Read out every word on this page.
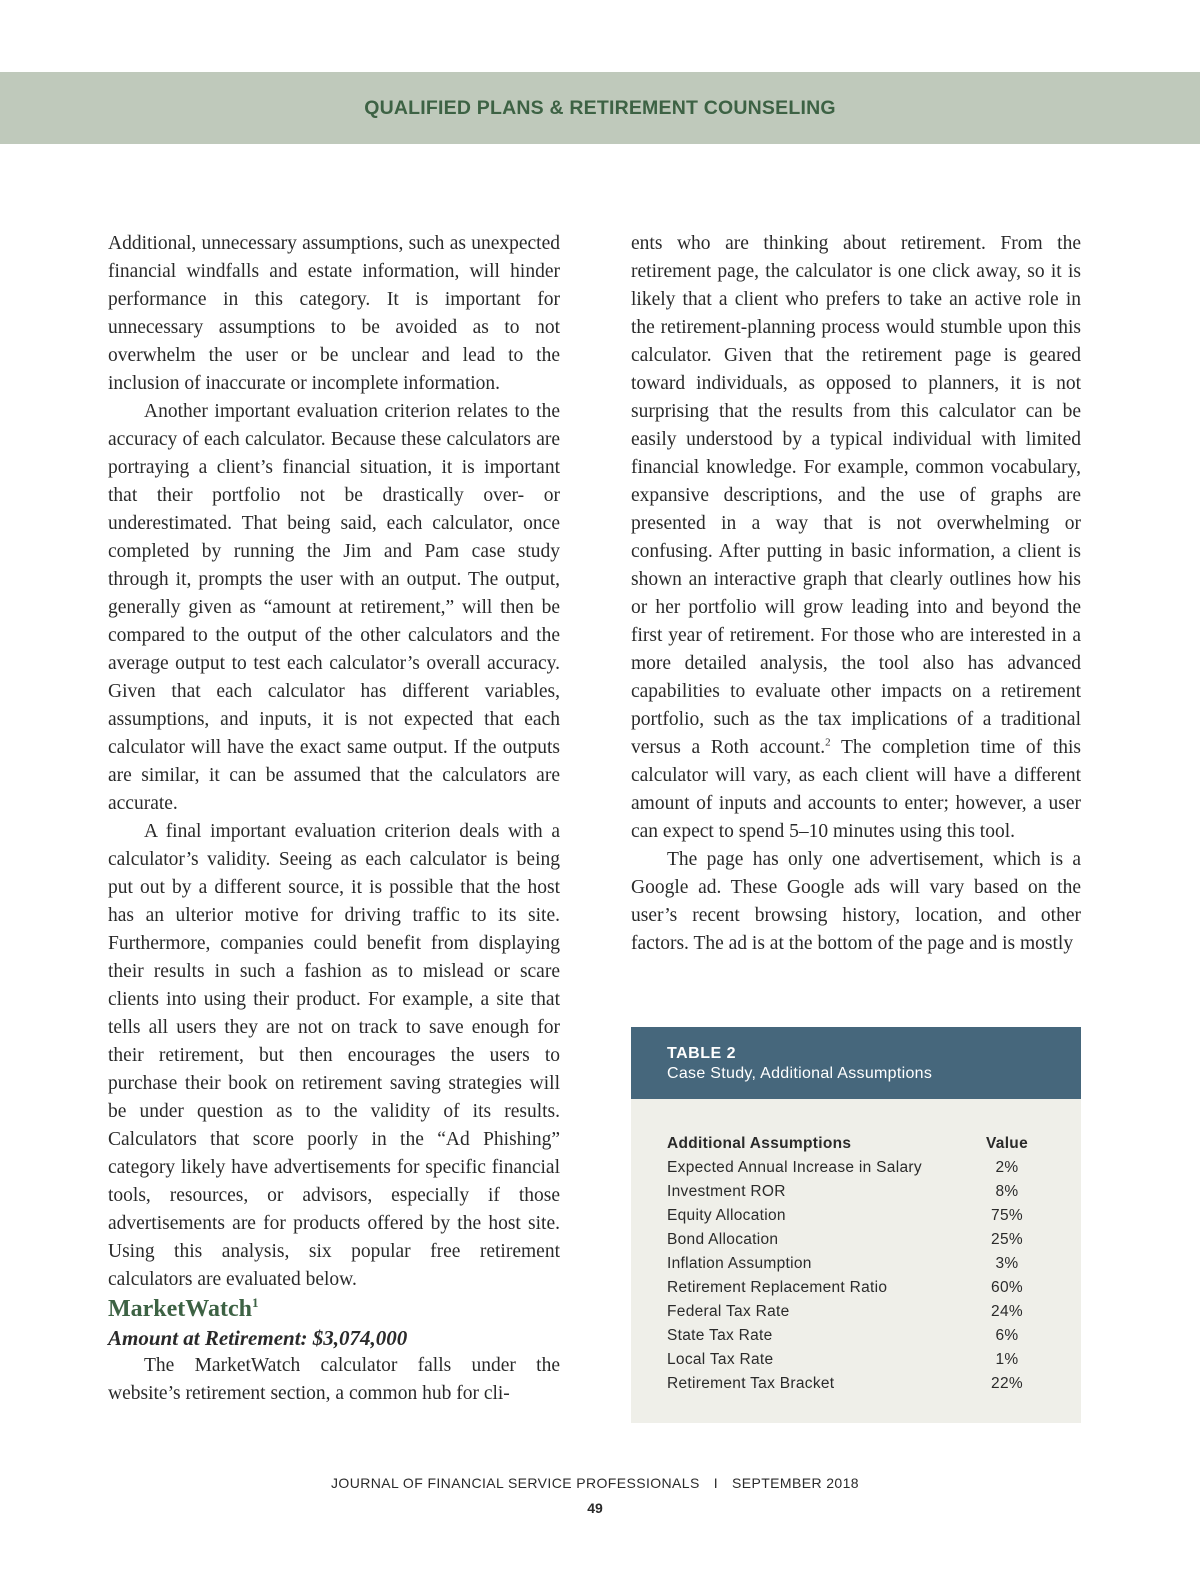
QUALIFIED PLANS & RETIREMENT COUNSELING

Additional, unnecessary assumptions, such as unexpected financial windfalls and estate information, will hinder performance in this category. It is important for unnecessary assumptions to be avoided as to not overwhelm the user or be unclear and lead to the inclusion of inaccurate or incomplete information.

Another important evaluation criterion relates to the accuracy of each calculator. Because these calculators are portraying a client’s financial situation, it is important that their portfolio not be drastically over- or underestimated. That being said, each calculator, once completed by running the Jim and Pam case study through it, prompts the user with an output. The output, generally given as “amount at retirement,” will then be compared to the output of the other calculators and the average output to test each calculator’s overall accuracy. Given that each calculator has different variables, assumptions, and inputs, it is not expected that each calculator will have the exact same output. If the outputs are similar, it can be assumed that the calculators are accurate.

A final important evaluation criterion deals with a calculator’s validity. Seeing as each calculator is being put out by a different source, it is possible that the host has an ulterior motive for driving traffic to its site. Furthermore, companies could benefit from displaying their results in such a fashion as to mislead or scare clients into using their product. For example, a site that tells all users they are not on track to save enough for their retirement, but then encourages the users to purchase their book on retirement saving strategies will be under question as to the validity of its results. Calculators that score poorly in the “Ad Phishing” category likely have advertisements for specific financial tools, resources, or advisors, especially if those advertisements are for products offered by the host site. Using this analysis, six popular free retirement calculators are evaluated below.

MarketWatch$^1$

Amount at Retirement: $3,074,000

The MarketWatch calculator falls under the website’s retirement section, a common hub for cli-

ents who are thinking about retirement. From the retirement page, the calculator is one click away, so it is likely that a client who prefers to take an active role in the retirement-planning process would stumble upon this calculator. Given that the retirement page is geared toward individuals, as opposed to planners, it is not surprising that the results from this calculator can be easily understood by a typical individual with limited financial knowledge. For example, common vocabulary, expansive descriptions, and the use of graphs are presented in a way that is not overwhelming or confusing. After putting in basic information, a client is shown an interactive graph that clearly outlines how his or her portfolio will grow leading into and beyond the first year of retirement. For those who are interested in a more detailed analysis, the tool also has advanced capabilities to evaluate other impacts on a retirement portfolio, such as the tax implications of a traditional versus a Roth account.$^2$ The completion time of this calculator will vary, as each client will have a different amount of inputs and accounts to enter; however, a user can expect to spend 5–10 minutes using this tool.

The page has only one advertisement, which is a Google ad. These Google ads will vary based on the user’s recent browsing history, location, and other factors. The ad is at the bottom of the page and is mostly

TABLE 2
Case Study, Additional Assumptions
Additional Assumptions	Value
Expected Annual Increase in Salary	2%
Investment ROR	8%
Equity Allocation	75%
Bond Allocation	25%
Inflation Assumption	3%
Retirement Replacement Ratio	60%
Federal Tax Rate	24%
State Tax Rate	6%
Local Tax Rate	1%
Retirement Tax Bracket	22%
JOURNAL OF FINANCIAL SERVICE PROFESSIONALS I SEPTEMBER 2018
49
